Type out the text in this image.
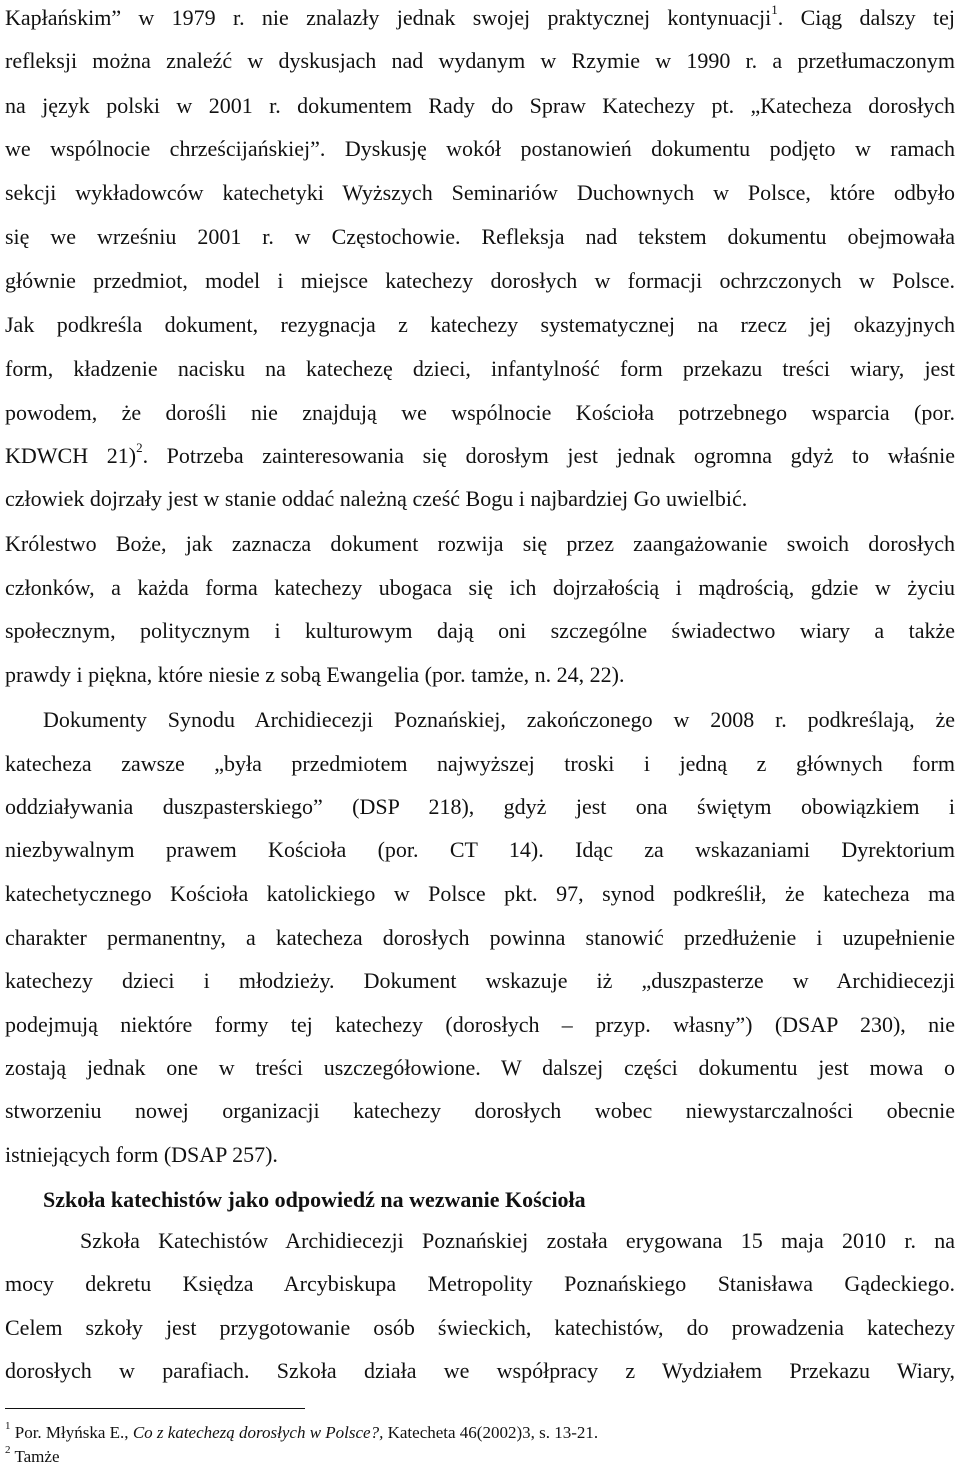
Kapłańskim” w 1979 r. nie znalazły jednak swojej praktycznej kontynuacji$^1$. Ciąg dalszy tej
refleksji można znaleźć w dyskusjach nad wydanym w Rzymie w 1990 r. a przetłumaczonym
na język polski w 2001 r. dokumentem Rady do Spraw Katechezy pt. „Katecheza dorosłych
we wspólnocie chrześcijańskiej”. Dyskusję wokół postanowień dokumentu podjęto w ramach
sekcji wykładowców katechetyki Wyższych Seminariów Duchownych w Polsce, które odbyło
się we wrześniu 2001 r. w Częstochowie. Refleksja nad tekstem dokumentu obejmowała
głównie przedmiot, model i miejsce katechezy dorosłych w formacji ochrzczonych w Polsce.
Jak podkreśla dokument, rezygnacja z katechezy systematycznej na rzecz jej okazyjnych
form, kładzenie nacisku na katechezę dzieci, infantylność form przekazu treści wiary, jest
powodem, że dorośli nie znajdują we wspólnocie Kościoła potrzebnego wsparcia (por.
KDWCH 21)$^2$. Potrzeba zainteresowania się dorosłym jest jednak ogromna gdyż to właśnie
człowiek dojrzały jest w stanie oddać należną cześć Bogu i najbardziej Go uwielbić.
Królestwo Boże, jak zaznacza dokument rozwija się przez zaangażowanie swoich dorosłych
członków, a każda forma katechezy ubogaca się ich dojrzałością i mądrością, gdzie w życiu
społecznym, politycznym i kulturowym dają oni szczególne świadectwo wiary a także
prawdy i piękna, które niesie z sobą Ewangelia (por. tamże, n. 24, 22).
Dokumenty Synodu Archidiecezji Poznańskiej, zakończonego w 2008 r. podkreślają, że
katecheza zawsze „była przedmiotem najwyższej troski i jedną z głównych form
oddziaływania duszpasterskiego” (DSP 218), gdyż jest ona świętym obowiązkiem i
niezbywalnym prawem Kościoła (por. CT 14). Idąc za wskazaniami Dyrektorium
katechetycznego Kościoła katolickiego w Polsce pkt. 97, synod podkreślił, że katecheza ma
charakter permanentny, a katecheza dorosłych powinna stanowić przedłużenie i uzupełnienie
katechezy dzieci i młodzieży. Dokument wskazuje iż „duszpasterze w Archidiecezji
podejmują niektóre formy tej katechezy (dorosłych – przyp. własny”) (DSAP 230), nie
zostają jednak one w treści uszczegółowione. W dalszej części dokumentu jest mowa o
stworzeniu nowej organizacji katechezy dorosłych wobec niewystarczalności obecnie
istniejących form (DSAP 257).
Szkoła katechistów jako odpowiedź na wezwanie Kościoła
Szkoła Katechistów Archidiecezji Poznańskiej została erygowana 15 maja 2010 r. na
mocy dekretu Księdza Arcybiskupa Metropolity Poznańskiego Stanisława Gądeckiego.
Celem szkoły jest przygotowanie osób świeckich, katechistów, do prowadzenia katechezy
dorosłych w parafiach. Szkoła działa we współpracy z Wydziałem Przekazu Wiary,
$^1$ Por. Młyńska E., Co z katechezą dorosłych w Polsce?, Katecheta 46(2002)3, s. 13-21.
$^2$ Tamże
